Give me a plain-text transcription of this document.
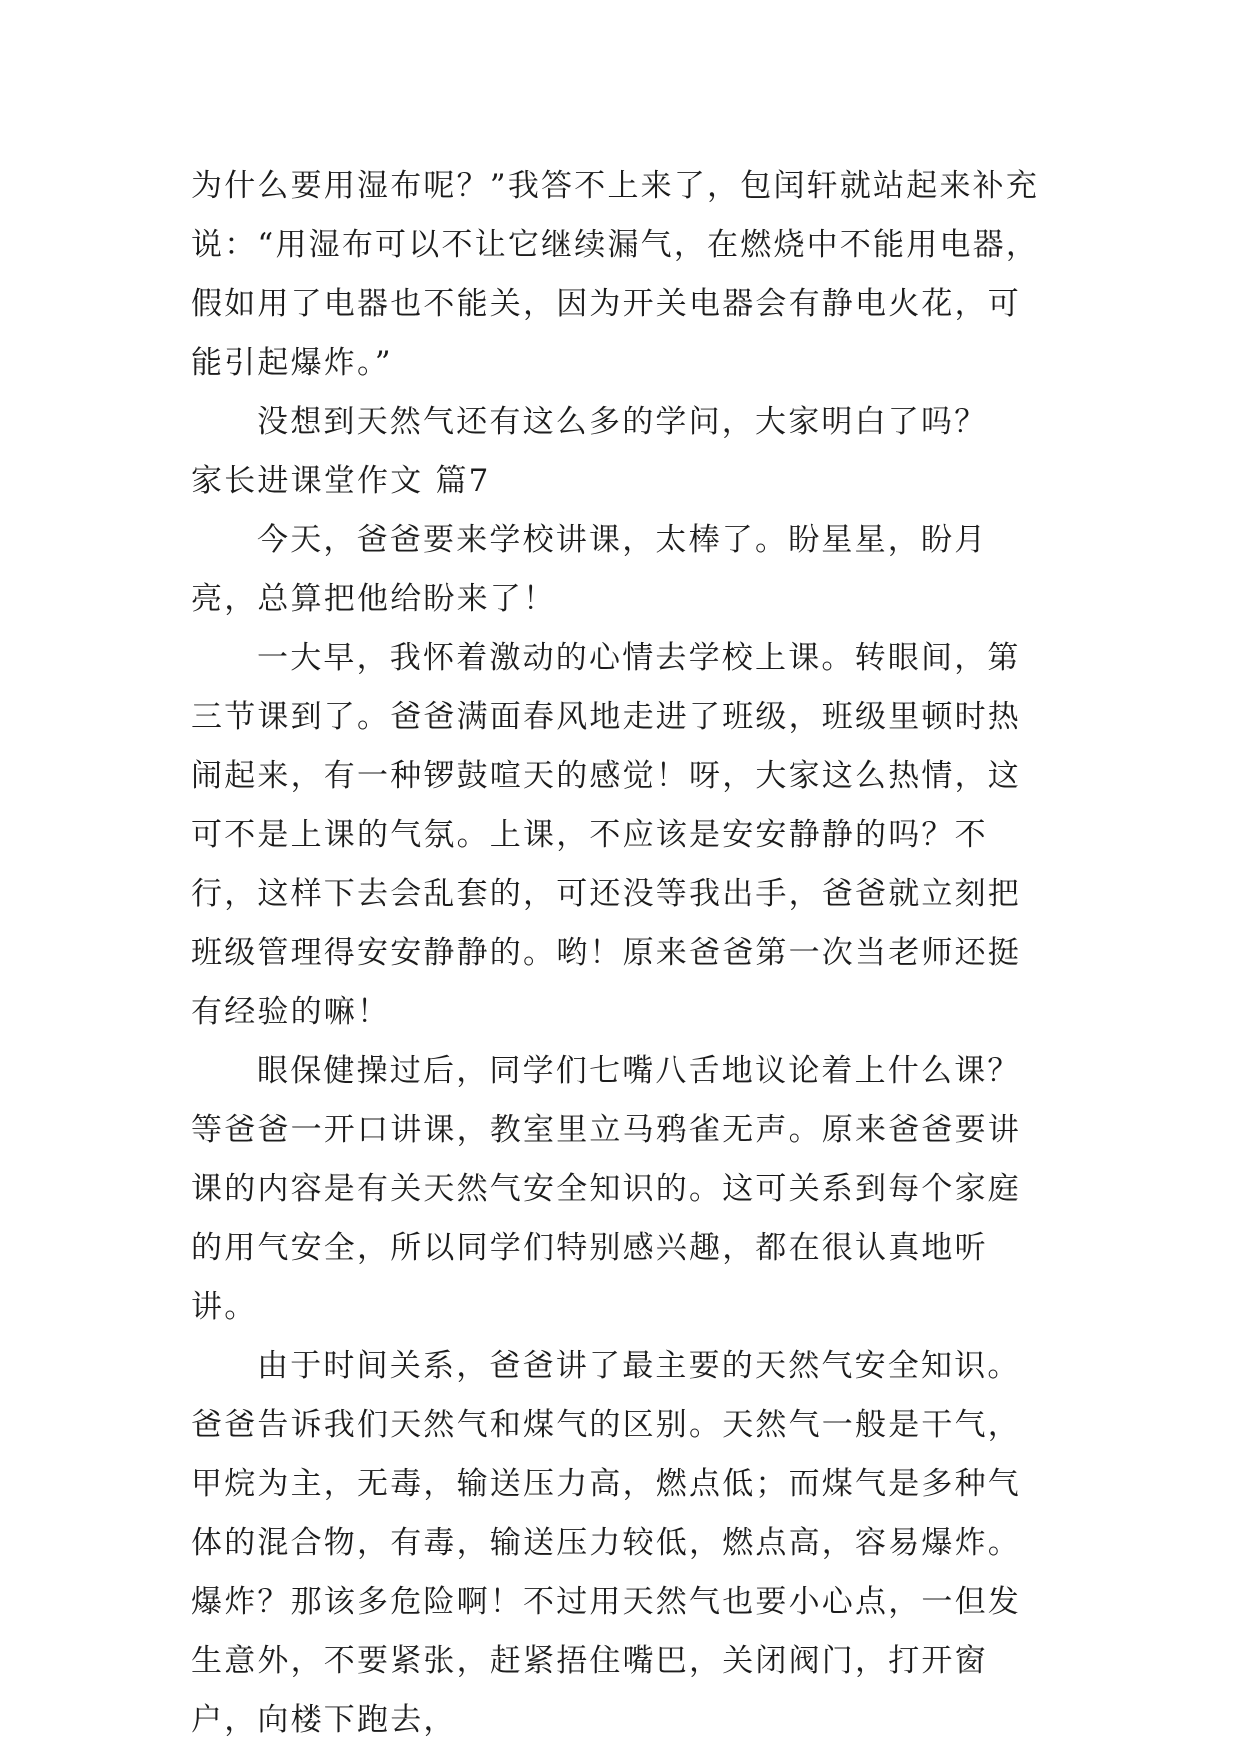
为什么要用湿布呢？”我答不上来了，包闰轩就站起来补充说：“用湿布可以不让它继续漏气，在燃烧中不能用电器，假如用了电器也不能关，因为开关电器会有静电火花，可能引起爆炸。”

没想到天然气还有这么多的学问，大家明白了吗？

家长进课堂作文 篇7

今天，爸爸要来学校讲课，太棒了。盼星星，盼月亮，总算把他给盼来了！

一大早，我怀着激动的心情去学校上课。转眼间，第三节课到了。爸爸满面春风地走进了班级，班级里顿时热闹起来，有一种锣鼓喧天的感觉！呀，大家这么热情，这可不是上课的气氛。上课，不应该是安安静静的吗？不行，这样下去会乱套的，可还没等我出手，爸爸就立刻把班级管理得安安静静的。哟！原来爸爸第一次当老师还挺有经验的嘛！

眼保健操过后，同学们七嘴八舌地议论着上什么课？等爸爸一开口讲课，教室里立马鸦雀无声。原来爸爸要讲课的内容是有关天然气安全知识的。这可关系到每个家庭的用气安全，所以同学们特别感兴趣，都在很认真地听讲。

由于时间关系，爸爸讲了最主要的天然气安全知识。爸爸告诉我们天然气和煤气的区别。天然气一般是干气，甲烷为主，无毒，输送压力高，燃点低；而煤气是多种气体的混合物，有毒，输送压力较低，燃点高，容易爆炸。爆炸？那该多危险啊！不过用天然气也要小心点，一但发生意外，不要紧张，赶紧捂住嘴巴，关闭阀门，打开窗户，向楼下跑去，
